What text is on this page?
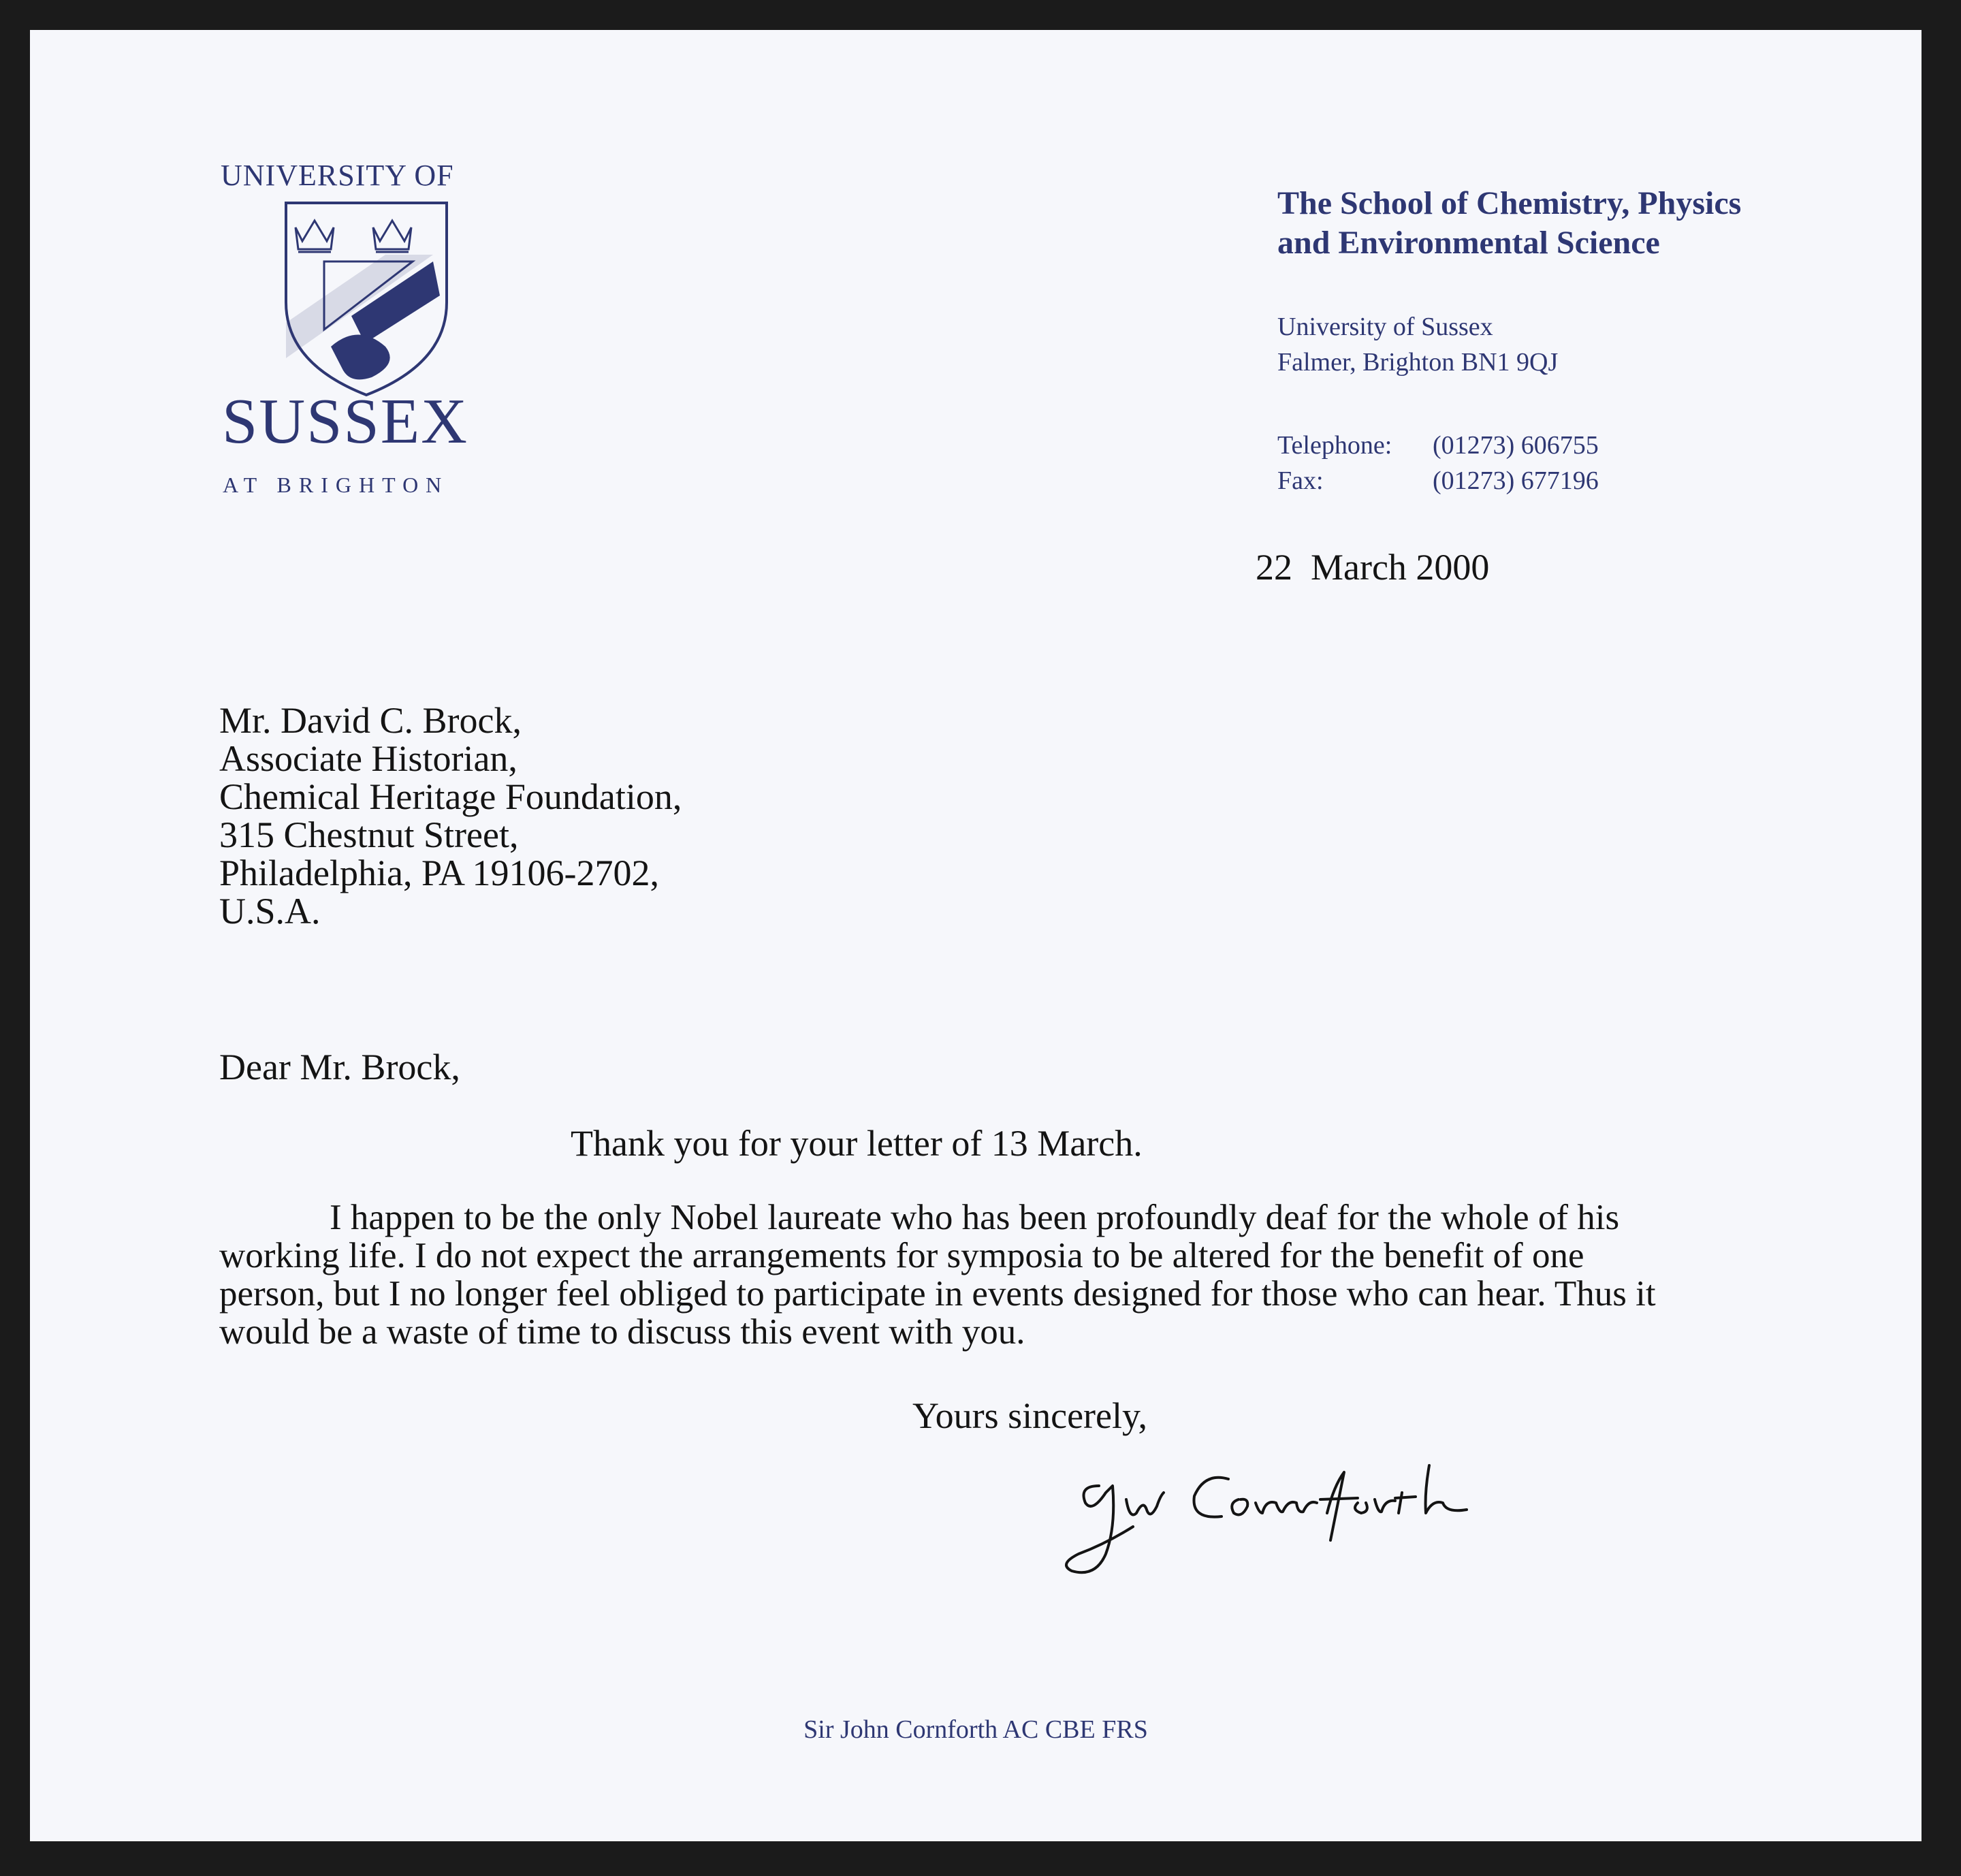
UNIVERSITY OF
SUSSEX
AT BRIGHTON
The School of Chemistry, Physics
and Environmental Science
University of Sussex
Falmer, Brighton BN1 9QJ
Telephone: (01273) 606755
Fax:	(01273) 677196
22  March 2000
Mr. David C. Brock,
Associate Historian,
Chemical Heritage Foundation,
315 Chestnut Street,
Philadelphia, PA 19106-2702,
U.S.A.
Dear Mr. Brock,
Thank you for your letter of 13 March.
I happen to be the only Nobel laureate who has been profoundly deaf for the whole of his working life. I do not expect the arrangements for symposia to be altered for the benefit of one person, but I no longer feel obliged to participate in events designed for those who can hear. Thus it would be a waste of time to discuss this event with you.
Yours sincerely,
Sir John Cornforth AC CBE FRS
